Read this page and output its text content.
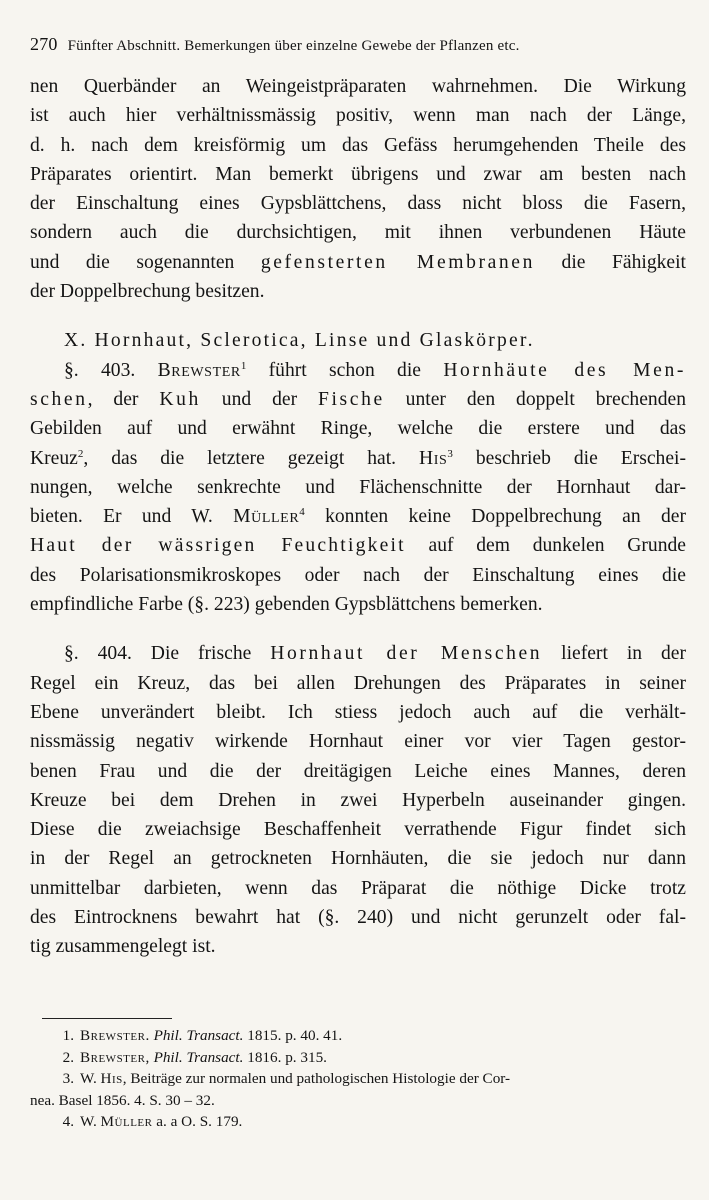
270 Fünfter Abschnitt. Bemerkungen über einzelne Gewebe der Pflanzen etc.
nen Querbänder an Weingeistpräparaten wahrnehmen. Die Wirkung
ist auch hier verhältnissmässig positiv, wenn man nach der Länge,
d. h. nach dem kreisförmig um das Gefäss herumgehenden Theile des
Präparates orientirt. Man bemerkt übrigens und zwar am besten nach
der Einschaltung eines Gypsblättchens, dass nicht bloss die Fasern,
sondern auch die durchsichtigen, mit ihnen verbundenen Häute
und die sogenannten gefensterten Membranen die Fähigkeit
der Doppelbrechung besitzen.
X. Hornhaut, Sclerotica, Linse und Glaskörper.
§. 403. Brewster$^1$ führt schon die Hornhäute des Men-
schen, der Kuh und der Fische unter den doppelt brechenden
Gebilden auf und erwähnt Ringe, welche die erstere und das
Kreuz$^2$, das die letztere gezeigt hat. His$^3$ beschrieb die Erschei-
nungen, welche senkrechte und Flächenschnitte der Hornhaut dar-
bieten. Er und W. Müller$^4$ konnten keine Doppelbrechung an der
Haut der wässrigen Feuchtigkeit auf dem dunkelen Grunde
des Polarisationsmikroskopes oder nach der Einschaltung eines die
empfindliche Farbe (§. 223) gebenden Gypsblättchens bemerken.
§. 404. Die frische Hornhaut der Menschen liefert in der
Regel ein Kreuz, das bei allen Drehungen des Präparates in seiner
Ebene unverändert bleibt. Ich stiess jedoch auch auf die verhält-
nissmässig negativ wirkende Hornhaut einer vor vier Tagen gestor-
benen Frau und die der dreitägigen Leiche eines Mannes, deren
Kreuze bei dem Drehen in zwei Hyperbeln auseinander gingen.
Diese die zweiachsige Beschaffenheit verrathende Figur findet sich
in der Regel an getrockneten Hornhäuten, die sie jedoch nur dann
unmittelbar darbieten, wenn das Präparat die nöthige Dicke trotz
des Eintrocknens bewahrt hat (§. 240) und nicht gerunzelt oder fal-
tig zusammengelegt ist.
1. Brewster. Phil. Transact. 1815. p. 40. 41.
2. Brewster, Phil. Transact. 1816. p. 315.
3. W. His, Beiträge zur normalen und pathologischen Histologie der Cor-
nea. Basel 1856. 4. S. 30 – 32.
4. W. Müller a. a O. S. 179.
